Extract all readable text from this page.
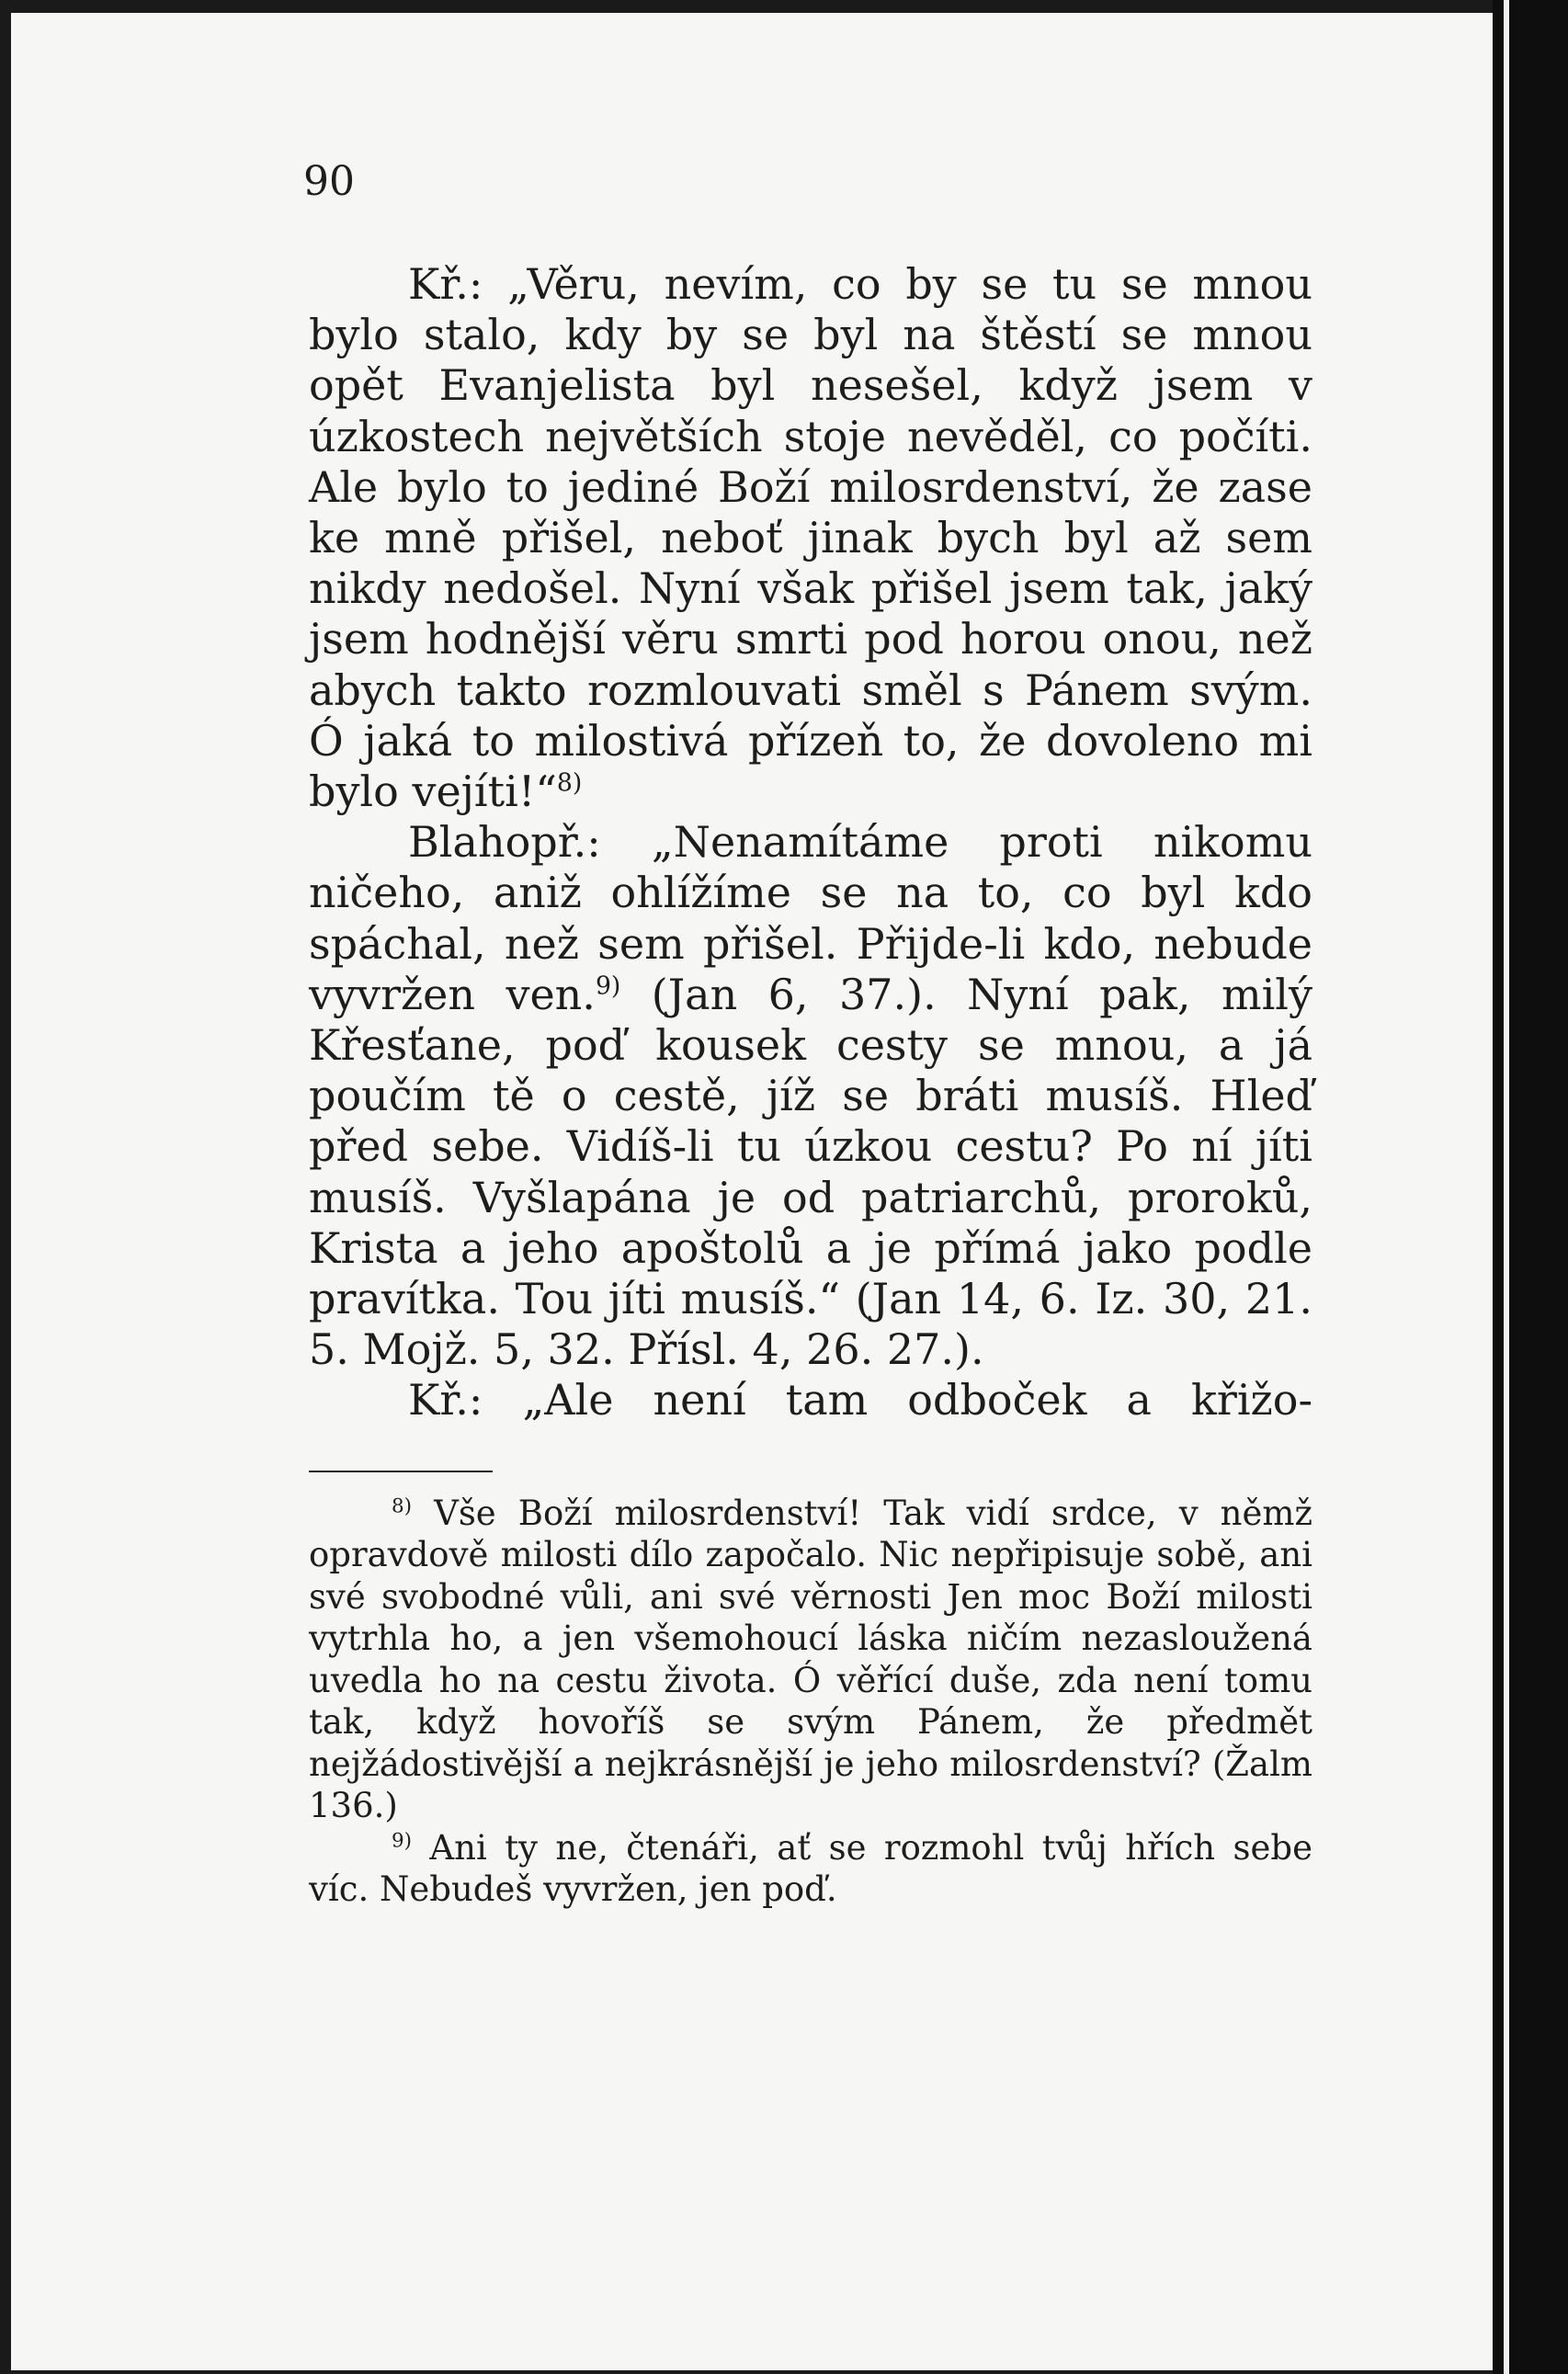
90

Kř.: „Věru, nevím, co by se tu se mnou bylo stalo, kdy by se byl na štěstí se mnou opět Evanjelista byl nesešel, když jsem v úzkostech největších stoje nevěděl, co počíti. Ale bylo to jediné Boží milosrdenství, že zase ke mně přišel, neboť jinak bych byl až sem nikdy nedošel. Nyní však přišel jsem tak, jaký jsem hodnější věru smrti pod horou onou, než abych takto rozmlouvati směl s Pánem svým. Ó jaká to milostivá přízeň to, že dovoleno mi bylo vejíti!“$^{8)}$

Blahopř.: „Nenamítáme proti nikomu ničeho, aniž ohlížíme se na to, co byl kdo spáchal, než sem přišel. Přijde-li kdo, nebude vyvržen ven.$^{9)}$ (Jan 6, 37.). Nyní pak, milý Křesťane, poď kousek cesty se mnou, a já poučím tě o cestě, jíž se bráti musíš. Hleď před sebe. Vidíš-li tu úzkou cestu? Po ní jíti musíš. Vyšlapána je od patriarchů, proroků, Krista a jeho apoštolů a je přímá jako podle pravítka. Tou jíti musíš.“ (Jan 14, 6. Iz. 30, 21. 5. Mojž. 5, 32. Přísl. 4, 26. 27.).

Kř.: „Ale není tam odboček a křižo-

$^{8)}$ Vše Boží milosrdenství! Tak vidí srdce, v němž opravdově milosti dílo započalo. Nic nepřipisuje sobě, ani své svobodné vůli, ani své věrnosti Jen moc Boží milosti vytrhla ho, a jen všemohoucí láska ničím nezasloužená uvedla ho na cestu života. Ó věřící duše, zda není tomu tak, když hovoříš se svým Pánem, že předmět nejžádostivější a nejkrásnější je jeho milosrdenství? (Žalm 136.)

$^{9)}$ Ani ty ne, čtenáři, ať se rozmohl tvůj hřích sebe víc. Nebudeš vyvržen, jen poď.
